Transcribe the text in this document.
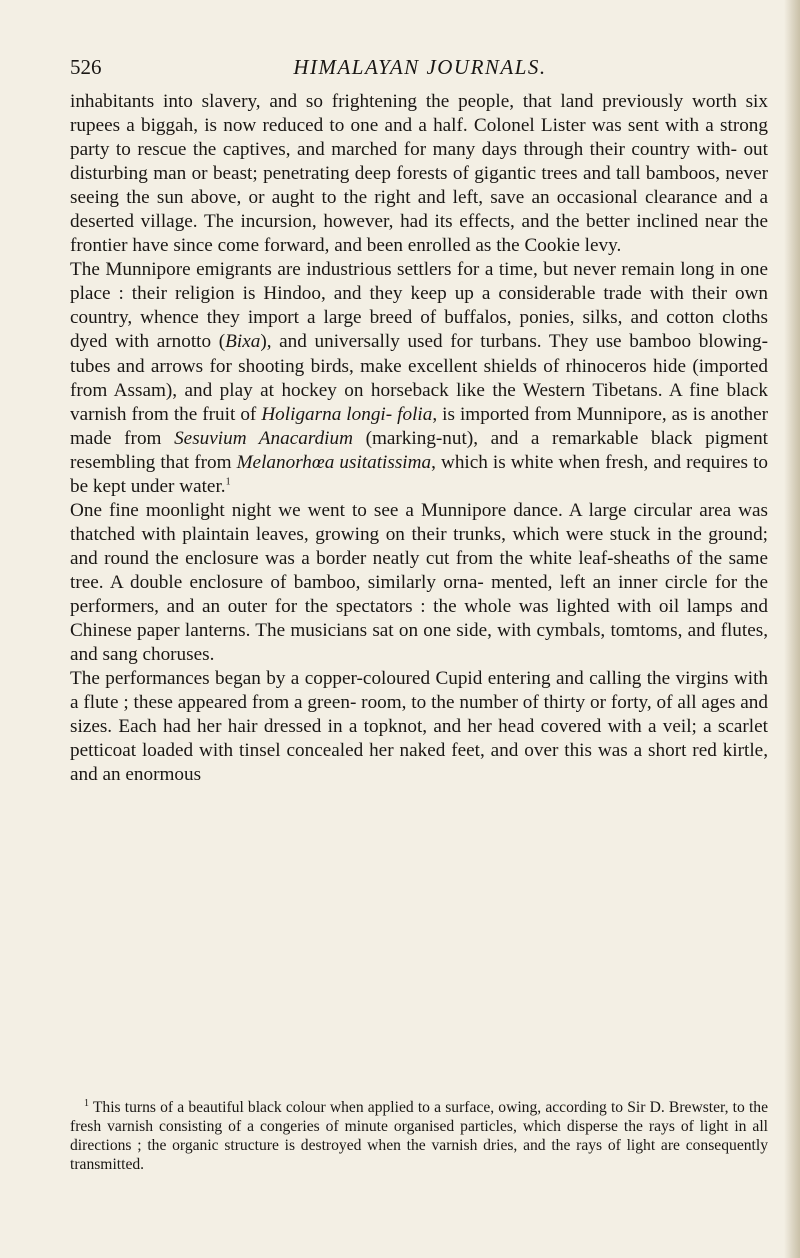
526	HIMALAYAN JOURNALS.

inhabitants into slavery, and so frightening the people, that land previously worth six rupees a biggah, is now reduced to one and a half. Colonel Lister was sent with a strong party to rescue the captives, and marched for many days through their country with- out disturbing man or beast; penetrating deep forests of gigantic trees and tall bamboos, never seeing the sun above, or aught to the right and left, save an occasional clearance and a deserted village. The incursion, however, had its effects, and the better inclined near the frontier have since come forward, and been enrolled as the Cookie levy.

The Munnipore emigrants are industrious settlers for a time, but never remain long in one place : their religion is Hindoo, and they keep up a considerable trade with their own country, whence they import a large breed of buffalos, ponies, silks, and cotton cloths dyed with arnotto (Bixa), and universally used for turbans. They use bamboo blowing-tubes and arrows for shooting birds, make excellent shields of rhinoceros hide (imported from Assam), and play at hockey on horseback like the Western Tibetans. A fine black varnish from the fruit of Holigarna longi- folia, is imported from Munnipore, as is another made from Sesuvium Anacardium (marking-nut), and a remarkable black pigment resembling that from Melanorhœa usitatissima, which is white when fresh, and requires to be kept under water.$^1$

One fine moonlight night we went to see a Munnipore dance. A large circular area was thatched with plaintain leaves, growing on their trunks, which were stuck in the ground; and round the enclosure was a border neatly cut from the white leaf-sheaths of the same tree. A double enclosure of bamboo, similarly orna- mented, left an inner circle for the performers, and an outer for the spectators : the whole was lighted with oil lamps and Chinese paper lanterns. The musicians sat on one side, with cymbals, tomtoms, and flutes, and sang choruses.

The performances began by a copper-coloured Cupid entering and calling the virgins with a flute ; these appeared from a green- room, to the number of thirty or forty, of all ages and sizes. Each had her hair dressed in a topknot, and her head covered with a veil; a scarlet petticoat loaded with tinsel concealed her naked feet, and over this was a short red kirtle, and an enormous

$^1$ This turns of a beautiful black colour when applied to a surface, owing, according to Sir D. Brewster, to the fresh varnish consisting of a congeries of minute organised particles, which disperse the rays of light in all directions ; the organic structure is destroyed when the varnish dries, and the rays of light are consequently transmitted.
